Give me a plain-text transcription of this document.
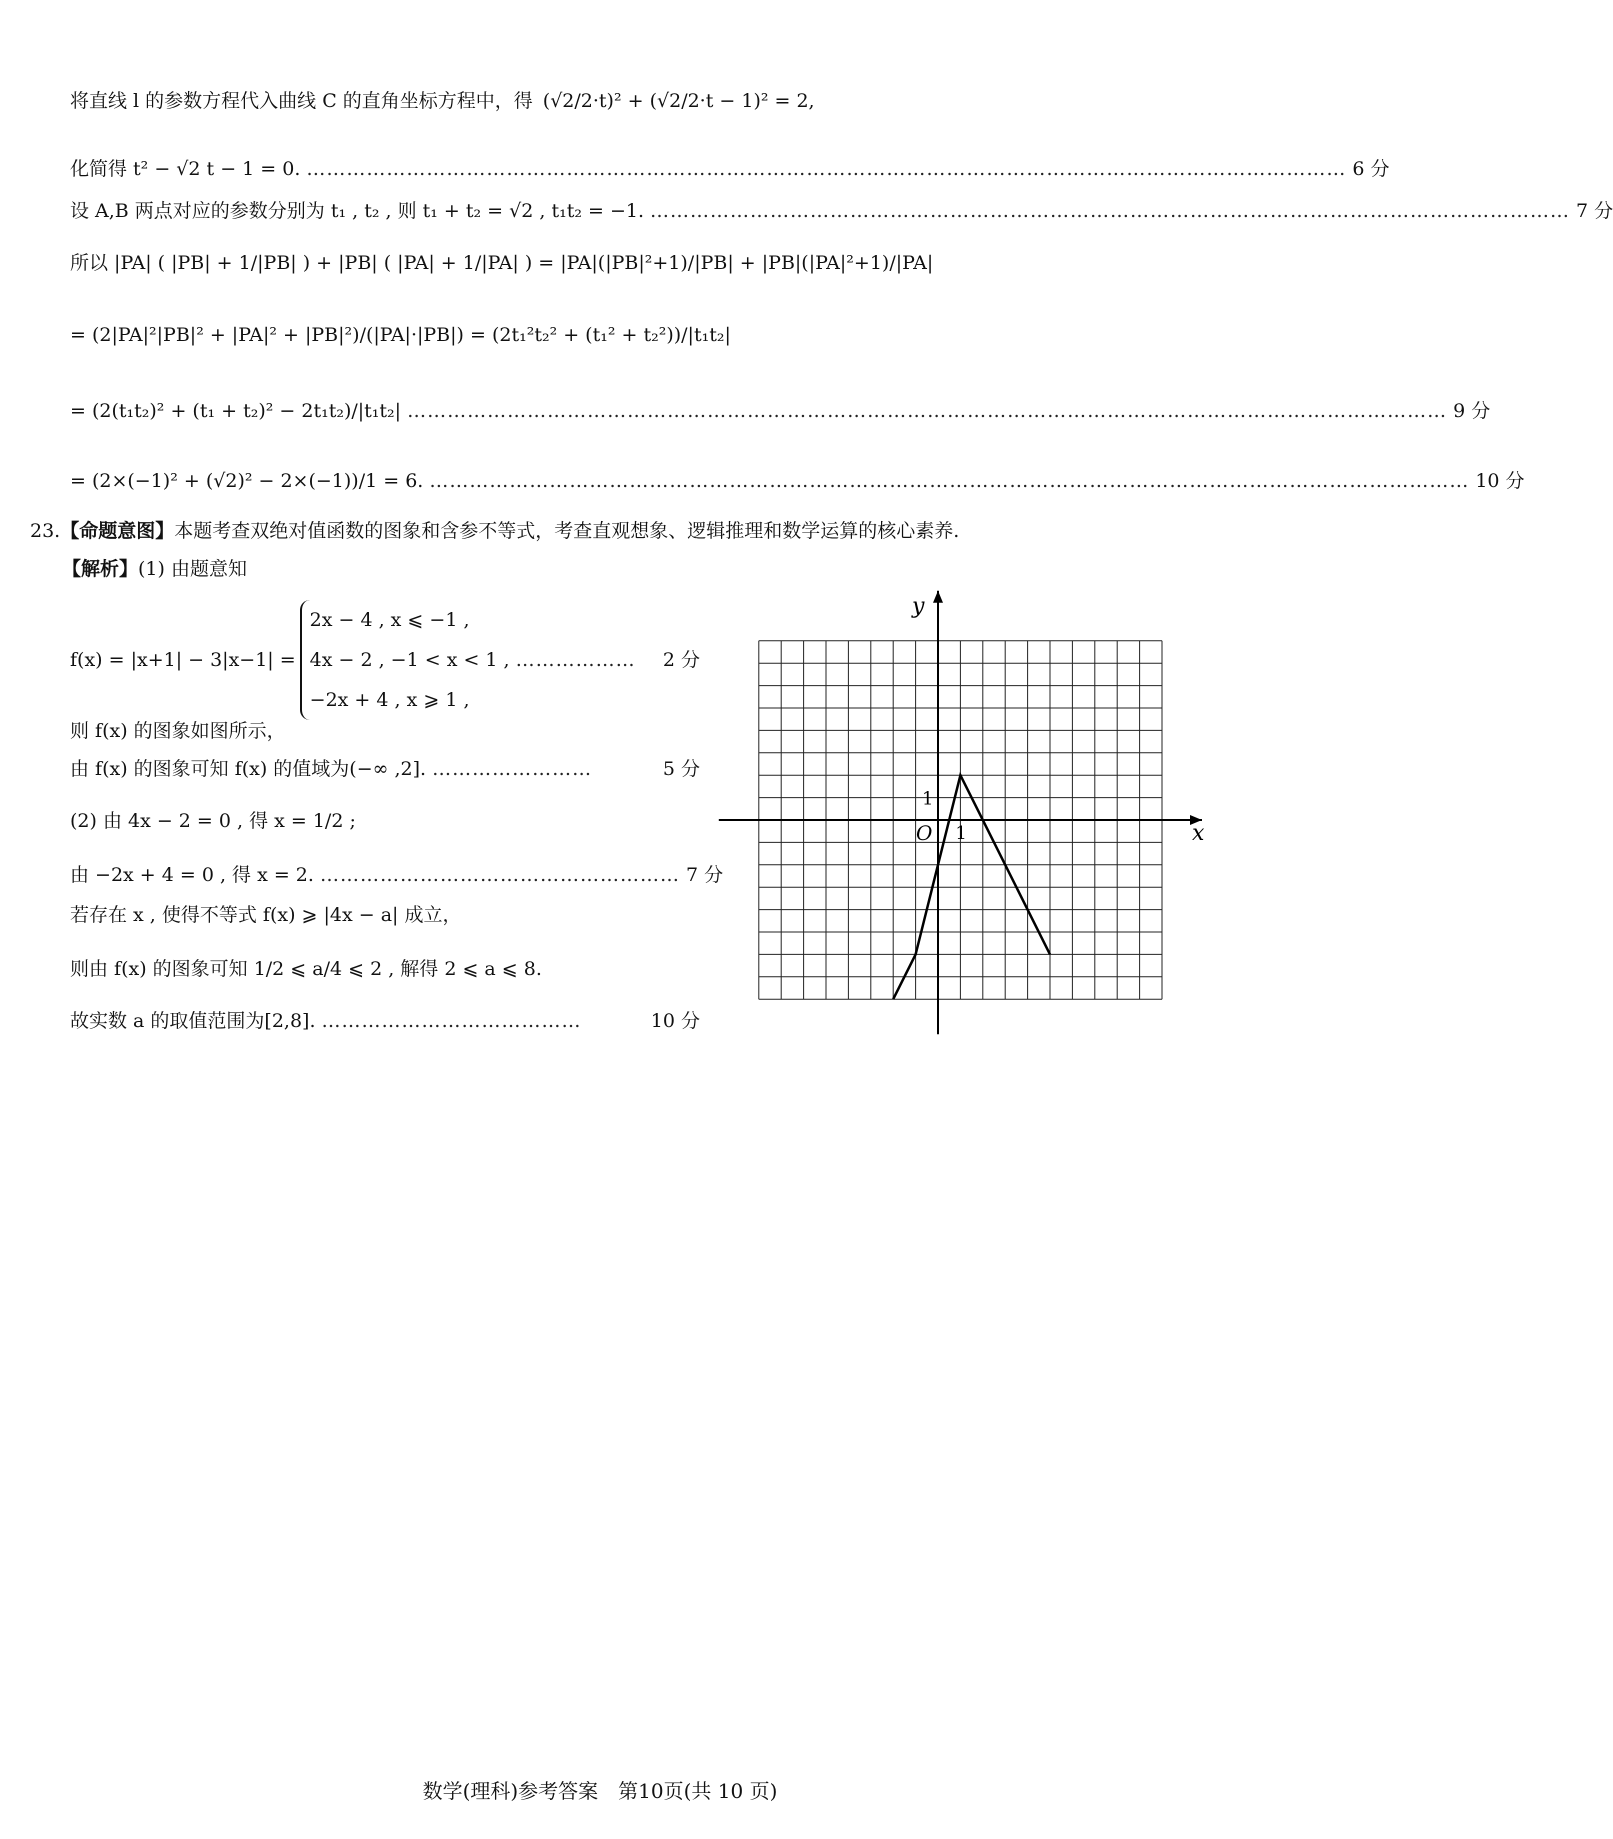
将直线 l 的参数方程代入曲线 C 的直角坐标方程中，得 (√2/2·t)² + (√2/2·t − 1)² = 2,
化简得 t² − √2 t − 1 = 0. ………………………………………………………………………………………………………………………………………… 6 分
设 A,B 两点对应的参数分别为 t₁ , t₂ , 则 t₁ + t₂ = √2 , t₁t₂ = −1. ………………………………………………………………………………………………………………………… 7 分
所以 |PA| ( |PB| + 1/|PB| ) + |PB| ( |PA| + 1/|PA| ) = |PA|(|PB|²+1)/|PB| + |PB|(|PA|²+1)/|PA|
= (2|PA|²|PB|² + |PA|² + |PB|²)/(|PA|·|PB|) = (2t₁²t₂² + (t₁² + t₂²))/|t₁t₂|
= (2(t₁t₂)² + (t₁ + t₂)² − 2t₁t₂)/|t₁t₂| ………………………………………………………………………………………………………………………………………… 9 分
= (2×(−1)² + (√2)² − 2×(−1))/1 = 6. ………………………………………………………………………………………………………………………………………… 10 分
23.【命题意图】本题考查双绝对值函数的图象和含参不等式，考查直观想象、逻辑推理和数学运算的核心素养.
【解析】(1) 由题意知
f(x) = |x+1| − 3|x−1| =
2x − 4 , x ⩽ −1 ,
4x − 2 , −1 < x < 1 ,
−2x + 4 , x ⩾ 1 ,
………………	2 分
则 f(x) 的图象如图所示，
由 f(x) 的图象可知 f(x) 的值域为(−∞ ,2]. ……………………	5 分
(2) 由 4x − 2 = 0 , 得 x = 1/2 ;
由 −2x + 4 = 0 , 得 x = 2. ……………………………………………… 7 分
若存在 x , 使得不等式 f(x) ⩾ |4x − a| 成立，
则由 f(x) 的图象可知 1/2 ⩽ a/4 ⩽ 2 , 解得 2 ⩽ a ⩽ 8.
故实数 a 的取值范围为[2,8]. …………………………………	10 分
x
y
O 1
1
数学(理科)参考答案　第10页(共 10 页)
